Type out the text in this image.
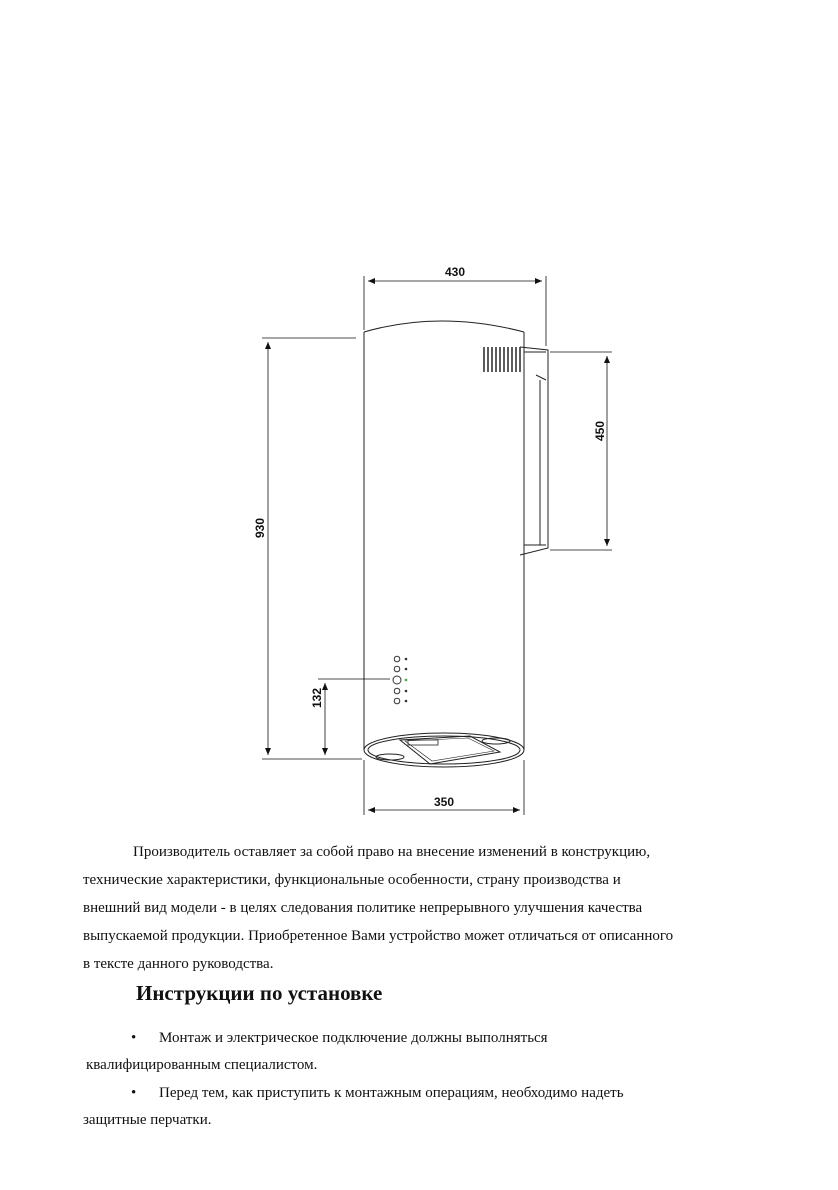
430
930
450
132
350

Производитель оставляет за собой право на внесение изменений в конструкцию,

технические характеристики, функциональные особенности, страну производства и

внешний вид модели - в целях следования политике непрерывного улучшения качества

выпускаемой продукции. Приобретенное Вами устройство может отличаться от описанного

в тексте данного руководства.

Инструкции по установке

• Монтаж и электрическое подключение должны выполняться

квалифицированным специалистом.

• Перед тем, как приступить к монтажным операциям, необходимо надеть

защитные перчатки.
